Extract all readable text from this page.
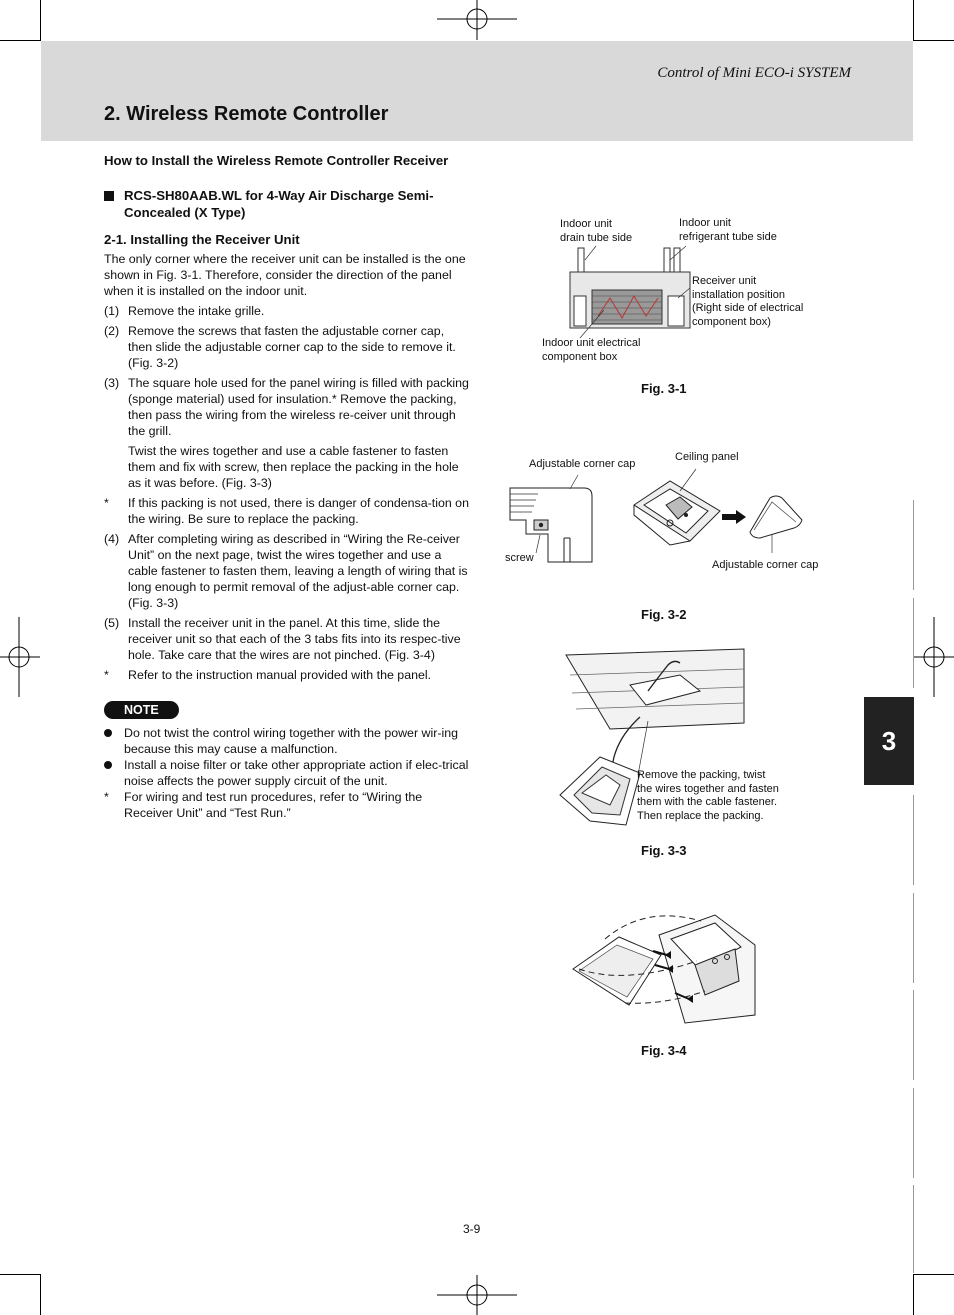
Control of Mini ECO-i SYSTEM
2. Wireless Remote Controller
How to Install the Wireless Remote Controller Receiver
RCS-SH80AAB.WL for 4-Way Air Discharge Semi-Concealed (X Type)
2-1. Installing the Receiver Unit
The only corner where the receiver unit can be installed is the one shown in Fig. 3-1. Therefore, consider the direction of the panel when it is installed on the indoor unit.
(1) Remove the intake grille.
(2) Remove the screws that fasten the adjustable corner cap, then slide the adjustable corner cap to the side to remove it. (Fig. 3-2)
(3) The square hole used for the panel wiring is filled with packing (sponge material) used for insulation.* Remove the packing, then pass the wiring from the wireless re-ceiver unit through the grill.
Twist the wires together and use a cable fastener to fasten them and fix with screw, then replace the packing in the hole as it was before. (Fig. 3-3)
* If this packing is not used, there is danger of condensa-tion on the wiring. Be sure to replace the packing.
(4) After completing wiring as described in “Wiring the Re-ceiver Unit” on the next page, twist the wires together and use a cable fastener to fasten them, leaving a length of wiring that is long enough to permit removal of the adjust-able corner cap.(Fig. 3-3)
(5) Install the receiver unit in the panel. At this time, slide the receiver unit so that each of the 3 tabs fits into its respec-tive hole. Take care that the wires are not pinched. (Fig. 3-4)
* Refer to the instruction manual provided with the panel.
NOTE
Do not twist the control wiring together with the power wir-ing because this may cause a malfunction.
Install a noise filter or take other appropriate action if elec-trical noise affects the power supply circuit of the unit.
* For wiring and test run procedures, refer to “Wiring the Receiver Unit” and “Test Run.”
Indoor unit
drain tube side
Indoor unit
refrigerant tube side
Receiver unit
installation position
(Right side of electrical
component box)
Indoor unit electrical
component box
Fig. 3-1
Adjustable corner cap
Ceiling panel
screw
Adjustable corner cap
Fig. 3-2
Remove the packing, twist
the wires together and fasten
them with the cable fastener.
Then replace the packing.
Fig. 3-3
Fig. 3-4
3
3-9
